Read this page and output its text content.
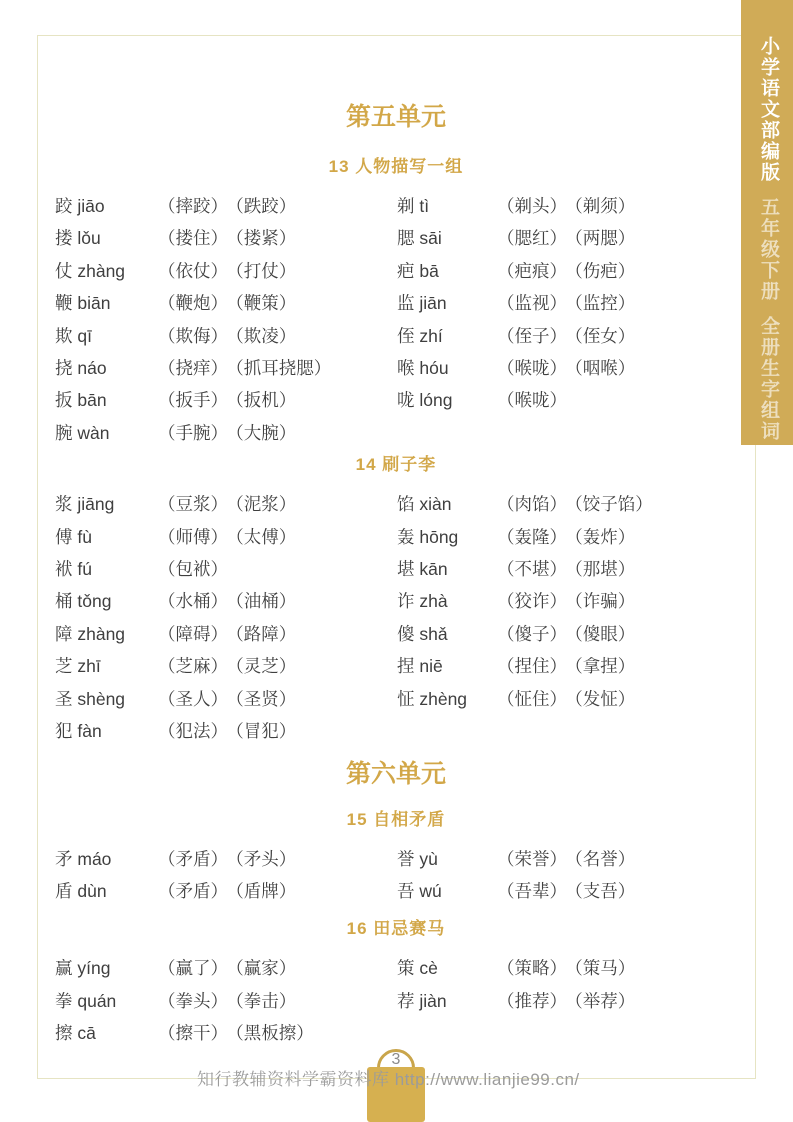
小学语文部编版五年级下册全册生字组词
第五单元
13 人物描写一组
跤 jiāo	（摔跤） （跌跤）
搂 lǒu	（搂住） （搂紧）
仗 zhàng （依仗） （打仗）
鞭 biān	（鞭炮） （鞭策）
欺 qī	（欺侮） （欺凌）
挠 náo	（挠痒） （抓耳挠腮）
扳 bān	（扳手） （扳机）
腕 wàn	（手腕） （大腕）
剃 tì	（剃头） （剃须）
腮 sāi	（腮红） （两腮）
疤 bā	（疤痕） （伤疤）
监 jiān	（监视） （监控）
侄 zhí	（侄子） （侄女）
喉 hóu	（喉咙） （咽喉）
咙 lóng	（喉咙）
14 刷子李
浆 jiāng （豆浆） （泥浆）
傅 fù	（师傅） （太傅）
袱 fú	（包袱）
桶 tǒng	（水桶） （油桶）
障 zhàng （障碍） （路障）
芝 zhī	（芝麻） （灵芝）
圣 shèng （圣人） （圣贤）
犯 fàn	（犯法） （冒犯）
馅 xiàn	（肉馅） （饺子馅）
轰 hōng （轰隆） （轰炸）
堪 kān	（不堪） （那堪）
诈 zhà	（狡诈） （诈骗）
傻 shǎ	（傻子） （傻眼）
捏 niē	（捏住） （拿捏）
怔 zhèng （怔住） （发怔）
第六单元
15 自相矛盾
矛 máo	（矛盾） （矛头）
盾 dùn	（矛盾） （盾牌）
誉 yù	（荣誉） （名誉）
吾 wú	（吾辈） （支吾）
16 田忌赛马
赢 yíng	（赢了） （赢家）
拳 quán （拳头） （拳击）
擦 cā	（擦干） （黑板擦）
策 cè	（策略） （策马）
荐 jiàn	（推荐） （举荐）
3
知行教辅资料学霸资料库 http://www.lianjie99.cn/
